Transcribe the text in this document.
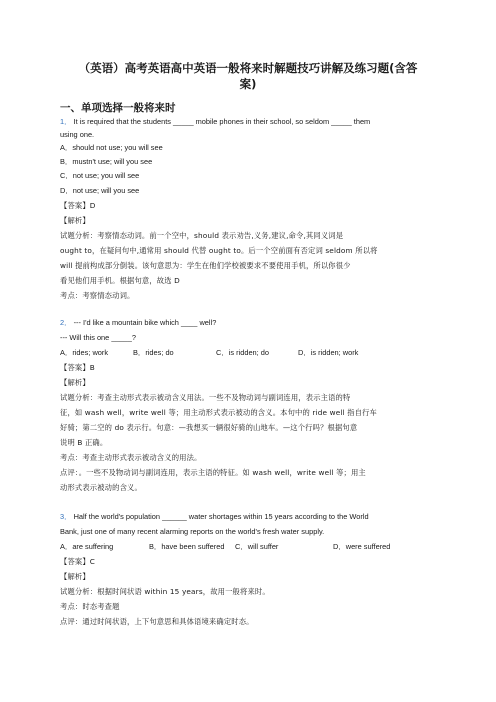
（英语）高考英语高中英语一般将来时解题技巧讲解及练习题(含答
案)
一、单项选择一般将来时
1． It is required that the students _____ mobile phones in their school, so seldom _____ them
using one.
A．should not use; you will see
B．mustn't use; will you see
C．not use; you will see
D．not use; will you see
【答案】D
【解析】
试题分析：考察情态动词。前一个空中，should 表示劝告,义务,建议,命令,其同义词是
ought to，在疑问句中,通常用 should 代替 ought to。后一个空前面有否定词 seldom 所以将
will 提前构成部分倒装。该句意思为：学生在他们学校被要求不要使用手机，所以你很少
看见他们用手机。根据句意，故选 D
考点：考察情态动词。
2． --- I'd like a mountain bike which ____ well?
--- Will this one _____?
A．rides; work	B．rides; do	C．is ridden; do	D．is ridden; work
【答案】B
【解析】
试题分析：考查主动形式表示被动含义用法。一些不及物动词与副词连用，表示主语的特
征，如 wash well，write well 等；用主动形式表示被动的含义。本句中的 ride well 指自行车
好骑；第二空的 do 表示行。句意：—我想买一辆很好骑的山地车。—这个行吗？根据句意
说明 B 正确。
考点：考查主动形式表示被动含义的用法。
点评：。一些不及物动词与副词连用，表示主语的特征。如 wash well，write well 等；用主
动形式表示被动的含义。
3． Half the world's population ______ water shortages within 15 years according to the World
Bank, just one of many recent alarming reports on the world's fresh water supply.
A．are suffering	B．have been suffered	C．will suffer	D．were suffered
【答案】C
【解析】
试题分析：根据时间状语 within 15 years，故用一般将来时。
考点：时态考查题
点评：通过时间状语，上下句意思和具体语境来确定时态。
